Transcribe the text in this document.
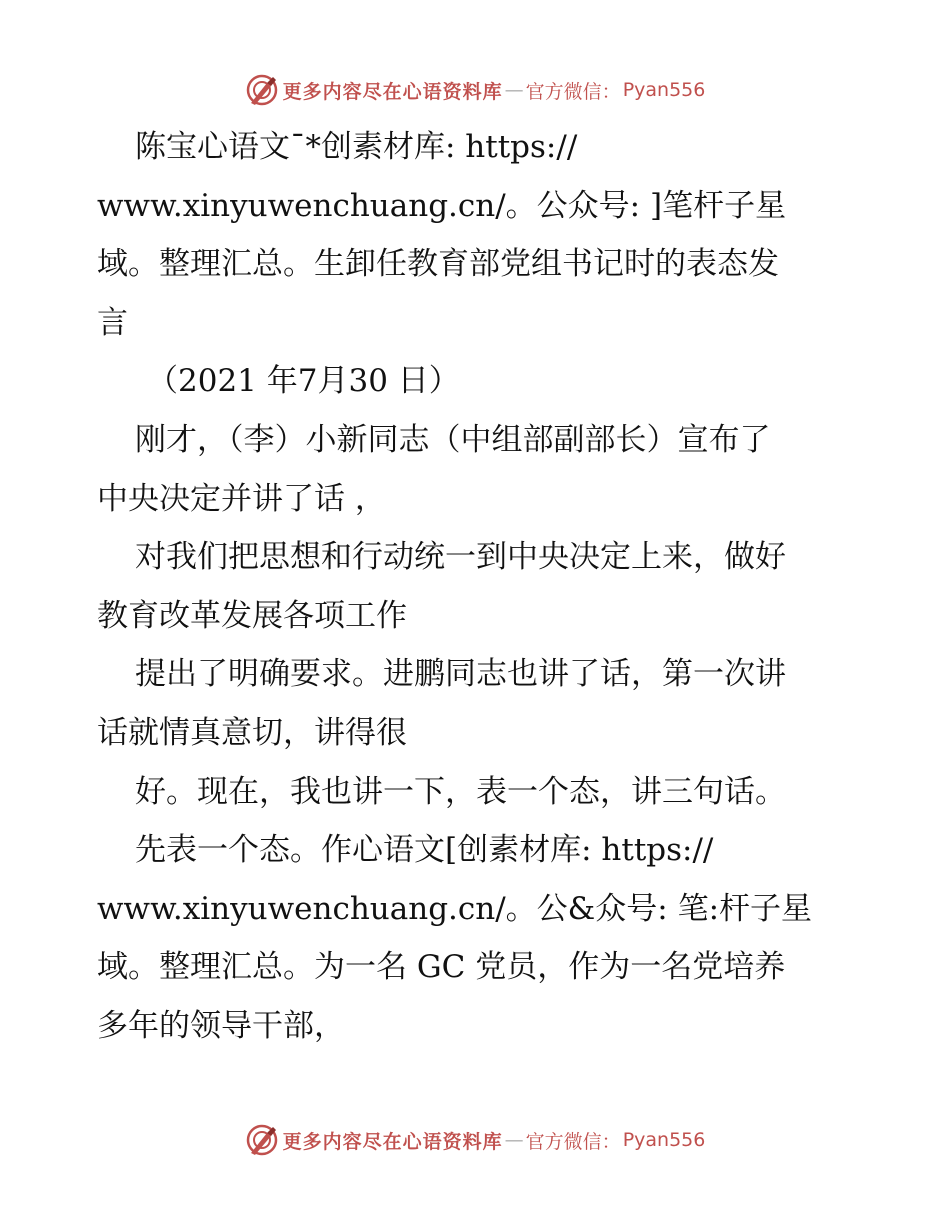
更多内容尽在心语资料库 — 官方微信： Pyan556

陈宝心语文¯*创素材库: https://

www.xinyuwenchuang.cn/。公众号: ]笔杆子星

域。整理汇总。生卸任教育部党组书记时的表态发

言

（2021 年7月30 日）

刚才，（李）小新同志（中组部副部长）宣布了

中央决定并讲了话 ，

对我们把思想和行动统一到中央决定上来，做好

教育改革发展各项工作

提出了明确要求。进鹏同志也讲了话，第一次讲

话就情真意切，讲得很

好。现在，我也讲一下，表一个态，讲三句话。

先表一个态。作心语文[创素材库: https://

www.xinyuwenchuang.cn/。公&众号: 笔:杆子星

域。整理汇总。为一名 GC 党员，作为一名党培养

多年的领导干部，

更多内容尽在心语资料库 — 官方微信： Pyan556
